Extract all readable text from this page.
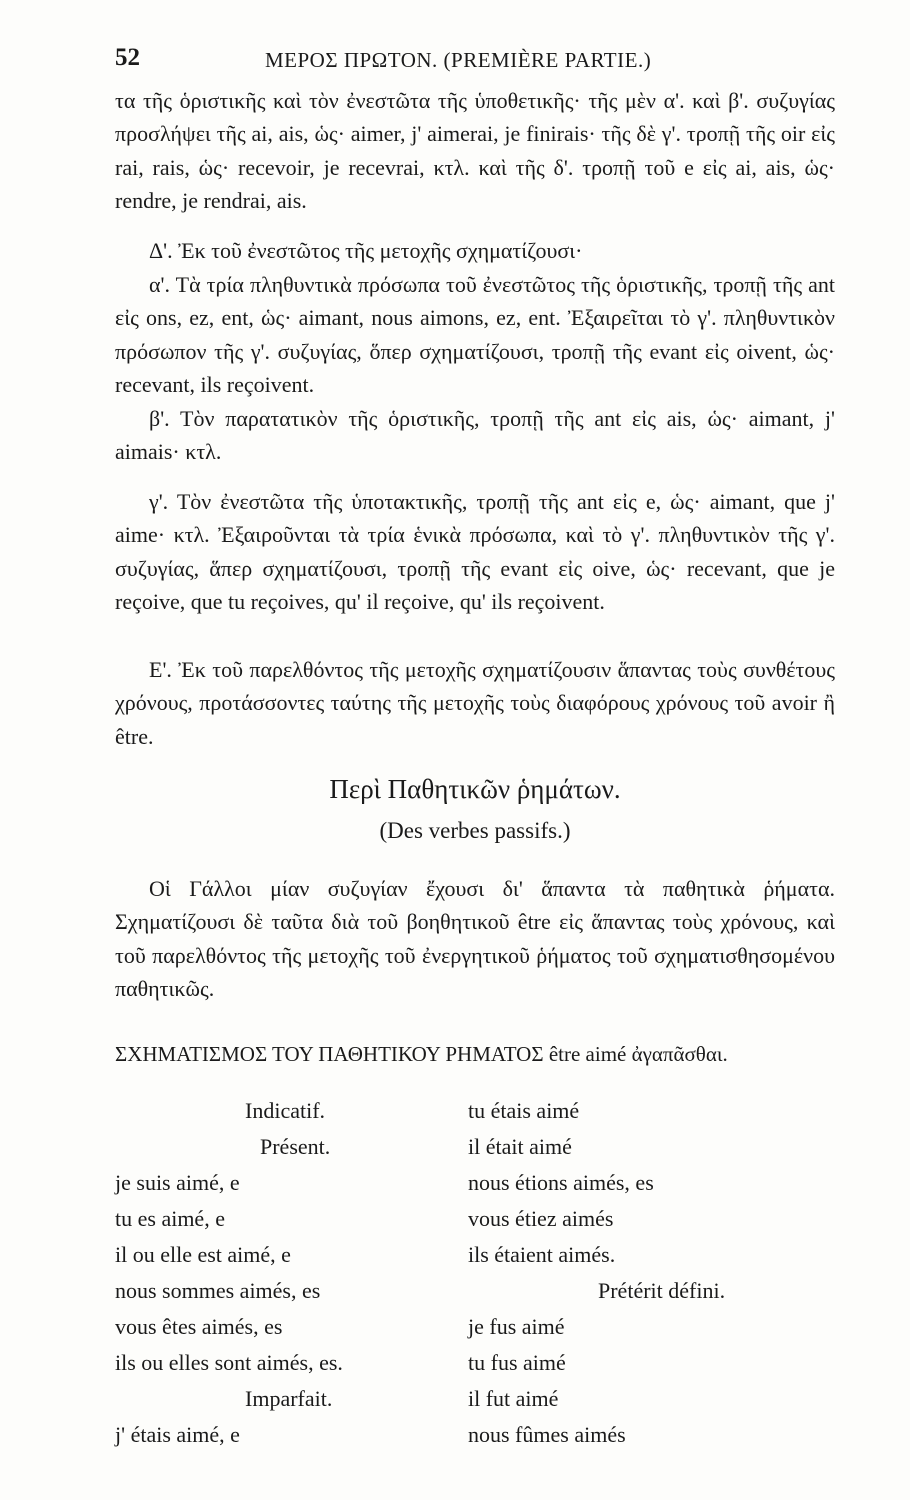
52	ΜΕΡΟΣ ΠΡΩΤΟΝ. (PREMIÈRE PARTIE.)

τα τῆς ὁριστικῆς καὶ τὸν ἐνεστῶτα τῆς ὑποθετικῆς· τῆς μὲν α'. καὶ β'. συζυγίας προσλήψει τῆς ai, ais, ὡς· aimer, j' aimerai, je finirais· τῆς δὲ γ'. τροπῇ τῆς oir εἰς rai, rais, ὡς· recevoir, je recevrai, κτλ. καὶ τῆς δ'. τροπῇ τοῦ e εἰς ai, ais, ὡς· rendre, je rendrai, ais.

Δ'. Ἐκ τοῦ ἐνεστῶτος τῆς μετοχῆς σχηματίζουσι·

α'. Τὰ τρία πληθυντικὰ πρόσωπα τοῦ ἐνεστῶτος τῆς ὁριστικῆς, τροπῇ τῆς ant εἰς ons, ez, ent, ὡς· aimant, nous aimons, ez, ent. Ἐξαιρεῖται τὸ γ'. πληθυντικὸν πρόσωπον τῆς γ'. συζυγίας, ὅπερ σχηματίζουσι, τροπῇ τῆς evant εἰς oivent, ὡς· recevant, ils reçoivent.

β'. Τὸν παρατατικὸν τῆς ὁριστικῆς, τροπῇ τῆς ant εἰς ais, ὡς· aimant, j' aimais· κτλ.

γ'. Τὸν ἐνεστῶτα τῆς ὑποτακτικῆς, τροπῇ τῆς ant εἰς e, ὡς· aimant, que j' aime· κτλ. Ἐξαιροῦνται τὰ τρία ἑνικὰ πρόσωπα, καὶ τὸ γ'. πληθυντικὸν τῆς γ'. συζυγίας, ἅπερ σχηματίζουσι, τροπῇ τῆς evant εἰς oive, ὡς· recevant, que je reçoive, que tu reçoives, qu' il reçoive, qu' ils reçoivent.

Ε'. Ἐκ τοῦ παρελθόντος τῆς μετοχῆς σχηματίζουσιν ἅπαντας τοὺς συνθέτους χρόνους, προτάσσοντες ταύτης τῆς μετοχῆς τοὺς διαφόρους χρόνους τοῦ avoir ἢ être.

Περὶ Παθητικῶν ῥημάτων.
(Des verbes passifs.)

Οἱ Γάλλοι μίαν συζυγίαν ἔχουσι δι' ἅπαντα τὰ παθητικὰ ῥήματα. Σχηματίζουσι δὲ ταῦτα διὰ τοῦ βοηθητικοῦ être εἰς ἅπαντας τοὺς χρόνους, καὶ τοῦ παρελθόντος τῆς μετοχῆς τοῦ ἐνεργητικοῦ ῥήματος τοῦ σχηματισθησομένου παθητικῶς.

ΣΧΗΜΑΤΙΣΜΟΣ ΤΟΥ ΠΑΘΗΤΙΚΟΥ ΡΗΜΑΤΟΣ être aimé ἀγαπᾶσθαι.
Indicatif.
Présent.
je suis aimé, e
tu es aimé, e
il ou elle est aimé, e
nous sommes aimés, es
vous êtes aimés, es
ils ou elles sont aimés, es.
Imparfait.
j' étais aimé, e
tu étais aimé
il était aimé
nous étions aimés, es
vous étiez aimés
ils étaient aimés.
Prétérit défini.
je fus aimé
tu fus aimé
il fut aimé
nous fûmes aimés
